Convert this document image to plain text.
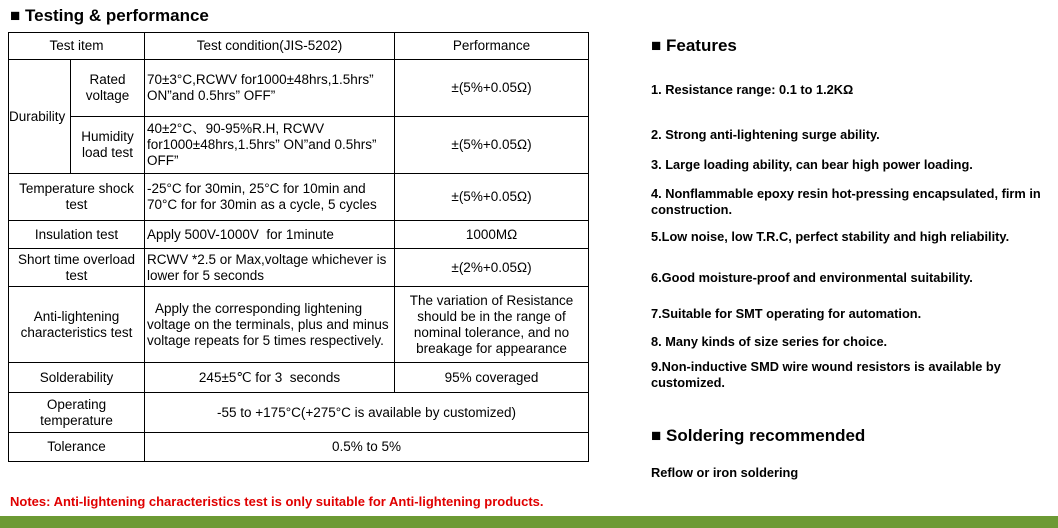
■ Testing & performance
Test item		Test condition(JIS-5202)	Performance
Durability	Rated voltage	70±3°C,RCWV for1000±48hrs,1.5hrs” ON”and 0.5hrs” OFF”	±(5%+0.05Ω)
	Humidity load test	40±2°C、90-95%R.H, RCWV for1000±48hrs,1.5hrs” ON”and 0.5hrs” OFF”	±(5%+0.05Ω)
Temperature shock test		-25°C for 30min, 25°C for 10min and 70°C for for 30min as a cycle, 5 cycles	±(5%+0.05Ω)
Insulation test		Apply 500V-1000V  for 1minute	1000MΩ
Short time overload test		RCWV *2.5 or Max,voltage whichever is lower for 5 seconds	±(2%+0.05Ω)
Anti-lightening characteristics test		Apply the corresponding lightening voltage on the terminals, plus and minus voltage repeats for 5 times respectively.	The variation of Resistance should be in the range of nominal tolerance, and no breakage for appearance
Solderability		245±5℃ for 3  seconds	95% coveraged
Operating temperature		-55 to +175°C(+275°C is available by customized)	
Tolerance		0.5% to 5%	
Notes: Anti-lightening characteristics test is only suitable for Anti-lightening products.
■ Features
1. Resistance range: 0.1 to 1.2KΩ
2. Strong anti-lightening surge ability.
3. Large loading ability, can bear high power loading.
4. Nonflammable epoxy resin hot-pressing encapsulated, firm in construction.
5.Low noise, low T.R.C, perfect stability and high reliability.
6.Good moisture-proof and environmental suitability.
7.Suitable for SMT operating for automation.
8. Many kinds of size series for choice.
9.Non-inductive SMD wire wound resistors is available by customized.
■ Soldering recommended
Reflow or iron soldering
